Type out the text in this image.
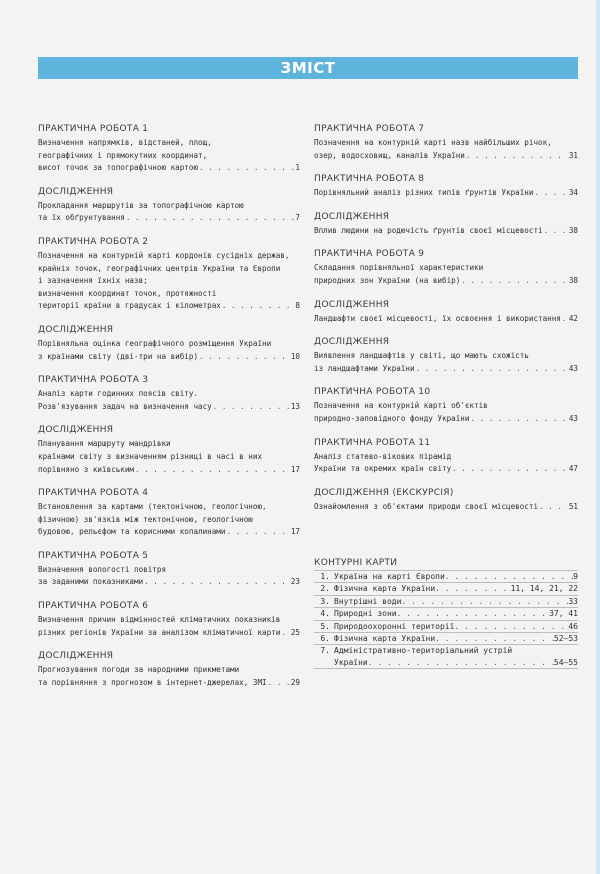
ЗМІСТ
ПРАКТИЧНА РОБОТА 1
Визначення напрямків, відстаней, площ,
географічних і прямокутних координат,
висот точок за топографічною картою . . .	1
ДОСЛІДЖЕННЯ
Прокладання маршрутів за топографічною картою
та їх обґрунтування . . .	7
ПРАКТИЧНА РОБОТА 2
Позначення на контурній карті кордонів сусідніх держав,
крайніх точок, географічних центрів України та Європи
і зазначення їхніх назв;
визначення координат точок, протяжності
території країни в градусах і кілометрах . . .	8
ДОСЛІДЖЕННЯ
Порівняльна оцінка географічного розміщення України
з країнами світу (дві-три на вибір) . . .	10
ПРАКТИЧНА РОБОТА 3
Аналіз карти годинних поясів світу.
Розв'язування задач на визначення часу . . .	13
ДОСЛІДЖЕННЯ
Планування маршруту мандрівки
країнами світу з визначенням різниці в часі в них
порівняно з київським . . .	17
ПРАКТИЧНА РОБОТА 4
Встановлення за картами (тектонічною, геологічною,
фізичною) зв'язків між тектонічною, геологічною
будовою, рельєфом та корисними копалинами . . .	17
ПРАКТИЧНА РОБОТА 5
Визначення вологості повітря
за заданими показниками . . .	23
ПРАКТИЧНА РОБОТА 6
Визначення причин відмінностей кліматичних показників
різних регіонів України за аналізом кліматичної карти . . . 25
ДОСЛІДЖЕННЯ
Прогнозування погоди за народними прикметами
та порівняння з прогнозом в інтернет-джерелах, ЗМІ . . .	29
ПРАКТИЧНА РОБОТА 7
Позначення на контурній карті назв найбільших річок,
озер, водосховищ, каналів України . . .	31
ПРАКТИЧНА РОБОТА 8
Порівняльний аналіз різних типів ґрунтів України . . .	34
ДОСЛІДЖЕННЯ
Вплив людини на родючість ґрунтів своєї місцевості . . .	38
ПРАКТИЧНА РОБОТА 9
Складання порівняльної характеристики
природних зон України (на вибір) . . .	38
ДОСЛІДЖЕННЯ
Ландшафти своєї місцевості, їх освоєння і використання . . . 42
ДОСЛІДЖЕННЯ
Виявлення ландшафтів у світі, що мають схожість
із ландшафтами України . . .	43
ПРАКТИЧНА РОБОТА 10
Позначення на контурній карті об'єктів
природно-заповідного фонду України . . .	43
ПРАКТИЧНА РОБОТА 11
Аналіз статево-вікових пірамід
України та окремих країн світу . . .	47
ДОСЛІДЖЕННЯ (ЕКСКУРСІЯ)
Ознайомлення з об'єктами природи своєї місцевості . . .	51
КОНТУРНІ КАРТИ
1. Україна на карті Європи . . .	9
2. Фізична карта України . . .	11, 14, 21, 22
3. Внутрішні води . . .	33
4. Природні зони . . .	37, 41
5. Природоохоронні території . . .	46
6. Фізична карта України . . .	52–53
7. Адміністративно-територіальний устрій
України . . .	54–55
